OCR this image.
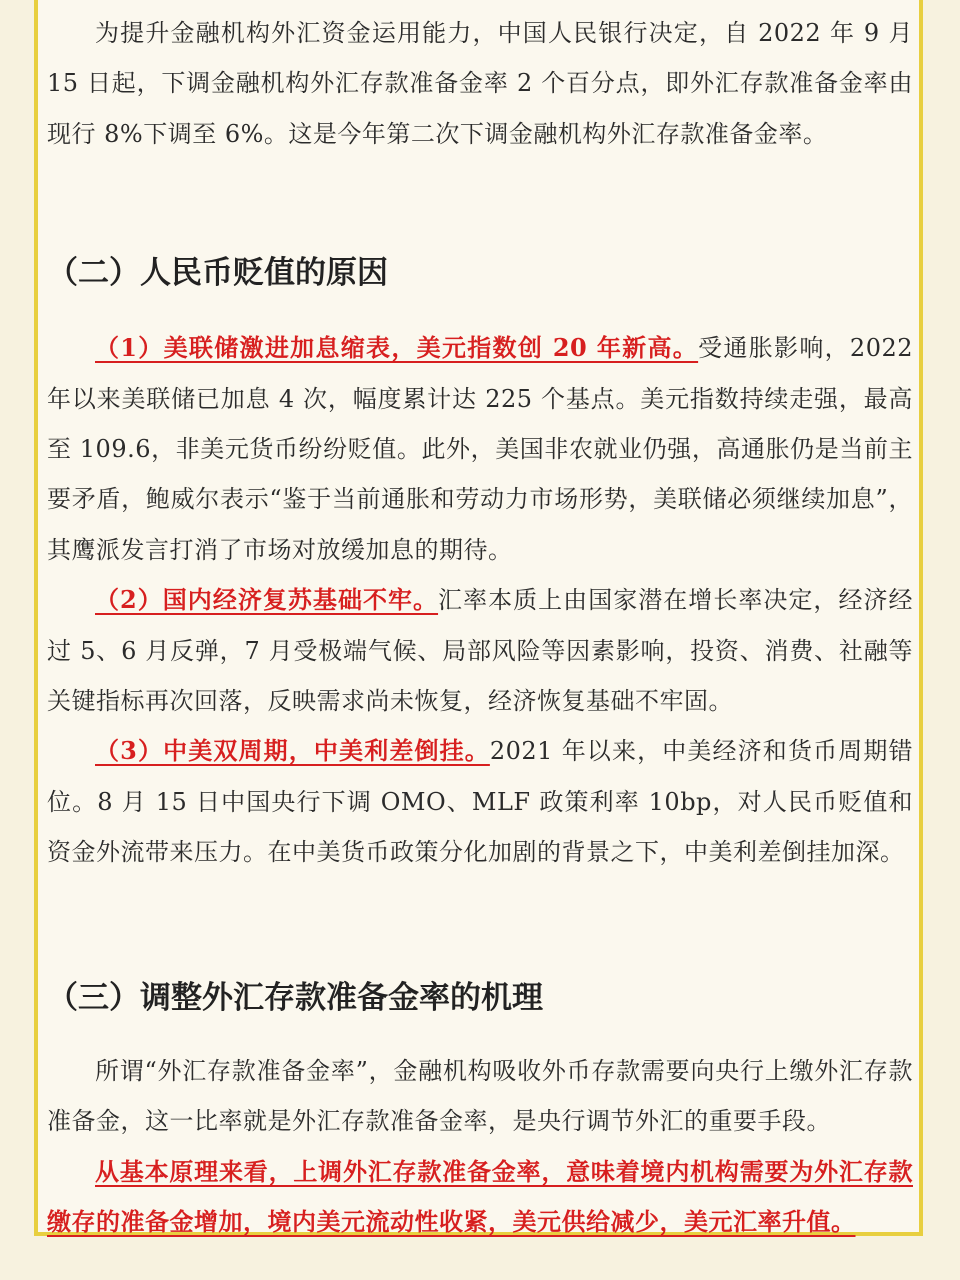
为提升金融机构外汇资金运用能力，中国人民银行决定，自 2022 年 9 月 15 日起，下调金融机构外汇存款准备金率 2 个百分点，即外汇存款准备金率由现行 8%下调至 6%。这是今年第二次下调金融机构外汇存款准备金率。

（二）人民币贬值的原因

（1）美联储激进加息缩表，美元指数创 20 年新高。受通胀影响，2022 年以来美联储已加息 4 次，幅度累计达 225 个基点。美元指数持续走强，最高至 109.6，非美元货币纷纷贬值。此外，美国非农就业仍强，高通胀仍是当前主要矛盾，鲍威尔表示“鉴于当前通胀和劳动力市场形势，美联储必须继续加息”，其鹰派发言打消了市场对放缓加息的期待。

（2）国内经济复苏基础不牢。汇率本质上由国家潜在增长率决定，经济经过 5、6 月反弹，7 月受极端气候、局部风险等因素影响，投资、消费、社融等关键指标再次回落，反映需求尚未恢复，经济恢复基础不牢固。

（3）中美双周期，中美利差倒挂。2021 年以来，中美经济和货币周期错位。8 月 15 日中国央行下调 OMO、MLF 政策利率 10bp，对人民币贬值和资金外流带来压力。在中美货币政策分化加剧的背景之下，中美利差倒挂加深。

（三）调整外汇存款准备金率的机理

所谓“外汇存款准备金率”，金融机构吸收外币存款需要向央行上缴外汇存款准备金，这一比率就是外汇存款准备金率，是央行调节外汇的重要手段。

从基本原理来看，上调外汇存款准备金率，意味着境内机构需要为外汇存款缴存的准备金增加，境内美元流动性收紧，美元供给减少，美元汇率升值。
